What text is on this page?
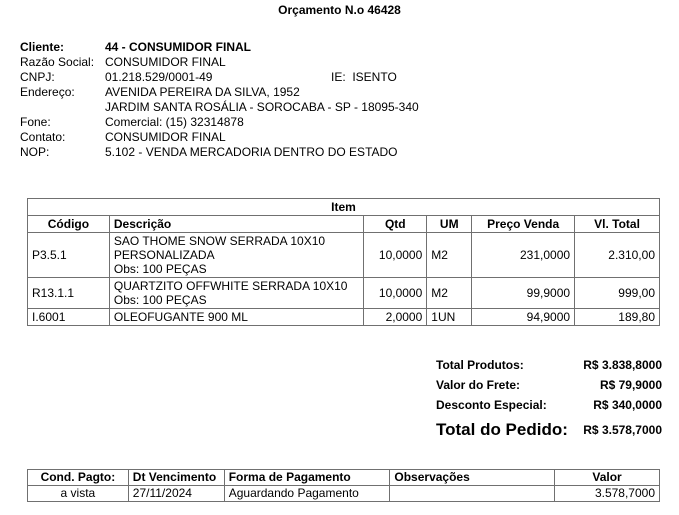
Orçamento N.o 46428
Cliente:	44 - CONSUMIDOR FINAL
Razão Social: CONSUMIDOR FINAL
CNPJ:	01.218.529/0001-49	IE:  ISENTO
Endereço:	AVENIDA PEREIRA DA SILVA, 1952
JARDIM SANTA ROSÁLIA - SOROCABA - SP - 18095-340
Fone:	Comercial: (15) 32314878
Contato:	CONSUMIDOR FINAL
NOP:	5.102 - VENDA MERCADORIA DENTRO DO ESTADO
Item					
Código	Descrição	Qtd	UM	Preço Venda	Vl. Total
P3.5.1	SAO THOME SNOW SERRADA 10X10
PERSONALIZADA
Obs: 100 PEÇAS	10,0000	M2	231,0000	2.310,00
R13.1.1	QUARTZITO OFFWHITE SERRADA 10X10
Obs: 100 PEÇAS	10,0000	M2	99,9000	999,00
I.6001	OLEOFUGANTE 900 ML	2,0000	1UN	94,9000	189,80
Total Produtos:	R$ 3.838,8000
Valor do Frete:	R$ 79,9000
Desconto Especial:	R$ 340,0000
Total do Pedido: R$ 3.578,7000
Cond. Pagto:	Dt Vencimento	Forma de Pagamento	Observações	Valor
a vista	27/11/2024	Aguardando Pagamento		3.578,7000
